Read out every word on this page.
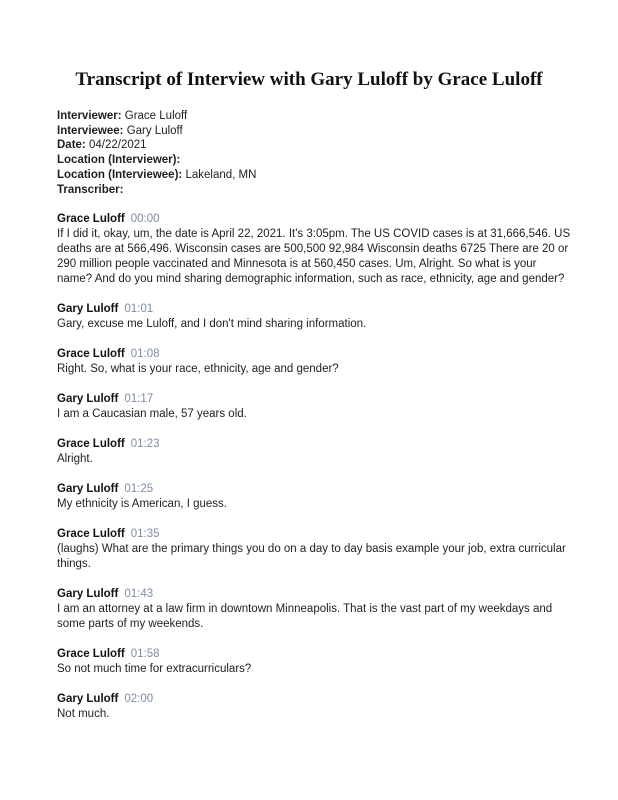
Transcript of Interview with Gary Luloff by Grace Luloff
Interviewer: Grace Luloff
Interviewee: Gary Luloff
Date: 04/22/2021
Location (Interviewer):
Location (Interviewee): Lakeland, MN
Transcriber:
Grace Luloff 00:00
If I did it, okay, um, the date is April 22, 2021. It's 3:05pm. The US COVID cases is at 31,666,546. US deaths are at 566,496. Wisconsin cases are 500,500 92,984 Wisconsin deaths 6725 There are 20 or 290 million people vaccinated and Minnesota is at 560,450 cases. Um, Alright. So what is your name? And do you mind sharing demographic information, such as race, ethnicity, age and gender?
Gary Luloff 01:01
Gary, excuse me Luloff, and I don't mind sharing information.
Grace Luloff 01:08
Right. So, what is your race, ethnicity, age and gender?
Gary Luloff 01:17
I am a Caucasian male, 57 years old.
Grace Luloff 01:23
Alright.
Gary Luloff 01:25
My ethnicity is American, I guess.
Grace Luloff 01:35
(laughs) What are the primary things you do on a day to day basis example your job, extra curricular things.
Gary Luloff 01:43
I am an attorney at a law firm in downtown Minneapolis. That is the vast part of my weekdays and some parts of my weekends.
Grace Luloff 01:58
So not much time for extracurriculars?
Gary Luloff 02:00
Not much.
